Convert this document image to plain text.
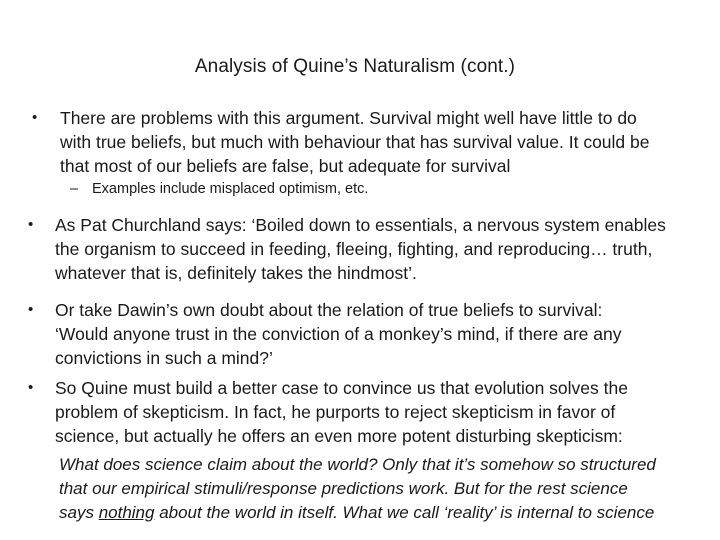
Analysis of Quine’s Naturalism (cont.)
• There are problems with this argument. Survival might well have little to do
with true beliefs, but much with behaviour that has survival value. It could be
that most of our beliefs are false, but adequate for survival
– Examples include misplaced optimism, etc.
• As Pat Churchland says: ‘Boiled down to essentials, a nervous system enables
the organism to succeed in feeding, fleeing, fighting, and reproducing… truth,
whatever that is, definitely takes the hindmost’.
• Or take Dawin’s own doubt about the relation of true beliefs to survival:
‘Would anyone trust in the conviction of a monkey’s mind, if there are any
convictions in such a mind?’
• So Quine must build a better case to convince us that evolution solves the
problem of skepticism. In fact, he purports to reject skepticism in favor of
science, but actually he offers an even more potent disturbing skepticism:
What does science claim about the world? Only that it’s somehow so structured
that our empirical stimuli/response predictions work. But for the rest science
says nothing about the world in itself. What we call ‘reality’ is internal to science
